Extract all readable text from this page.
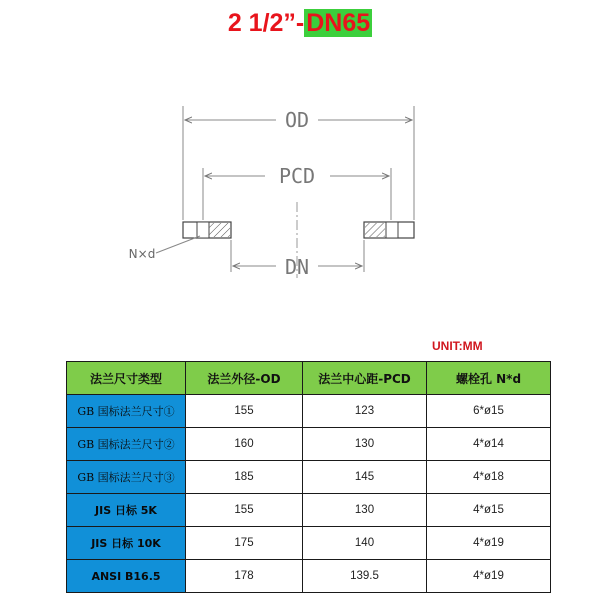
2 1/2”-DN65
OD
PCD
DN
N×d
UNIT:MM
法兰尺寸类型	法兰外径-OD	法兰中心距-PCD	螺栓孔 N*d
GB 国标法兰尺寸①	155	123	6*ø15
GB 国标法兰尺寸②	160	130	4*ø14
GB 国标法兰尺寸③	185	145	4*ø18
JIS 日标 5K	155	130	4*ø15
JIS 日标 10K	175	140	4*ø19
ANSI B16.5	178	139.5	4*ø19
